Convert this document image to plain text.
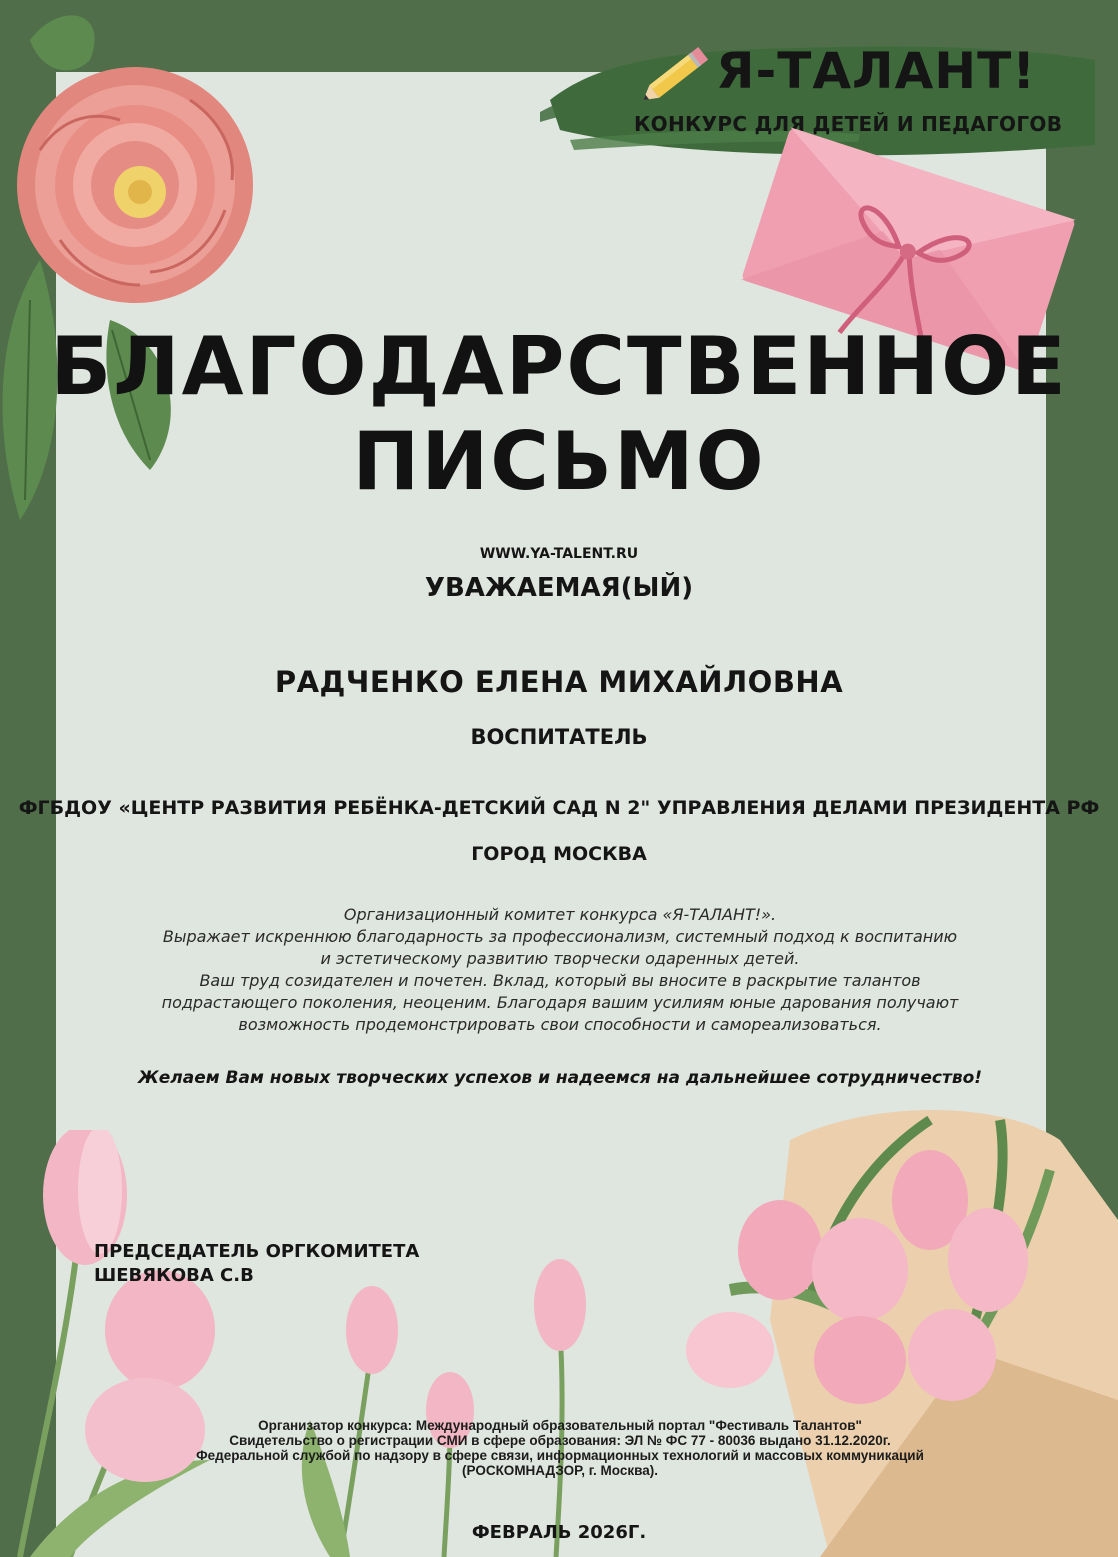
Я-ТАЛАНТ!
КОНКУРС ДЛЯ ДЕТЕЙ И ПЕДАГОГОВ
БЛАГОДАРСТВЕННОЕ
ПИСЬМО
WWW.YA-TALENT.RU
УВАЖАЕМАЯ(ЫЙ)
РАДЧЕНКО ЕЛЕНА МИХАЙЛОВНА
ВОСПИТАТЕЛЬ
ФГБДОУ «ЦЕНТР РАЗВИТИЯ РЕБЁНКА-ДЕТСКИЙ САД N 2" УПРАВЛЕНИЯ ДЕЛАМИ ПРЕЗИДЕНТА РФ
ГОРОД МОСКВА
Организационный комитет конкурса «Я-ТАЛАНТ!».
Выражает искреннюю благодарность за профессионализм, системный подход к воспитанию
и эстетическому развитию творчески одаренных детей.
Ваш труд созидателен и почетен. Вклад, который вы вносите в раскрытие талантов
подрастающего поколения, неоценим. Благодаря вашим усилиям юные дарования получают
возможность продемонстрировать свои способности и самореализоваться.
Желаем Вам новых творческих успехов и надеемся на дальнейшее сотрудничество!
ПРЕДСЕДАТЕЛЬ ОРГКОМИТЕТА
ШЕВЯКОВА С.В
Организатор конкурса: Международный образовательный портал "Фестиваль Талантов"
Свидетельство о регистрации СМИ в сфере образования: ЭЛ № ФС 77 - 80036 выдано 31.12.2020г.
Федеральной службой по надзору в сфере связи, информационных технологий и массовых коммуникаций
(РОСКОМНАДЗОР, г. Москва).
ФЕВРАЛЬ 2026Г.
